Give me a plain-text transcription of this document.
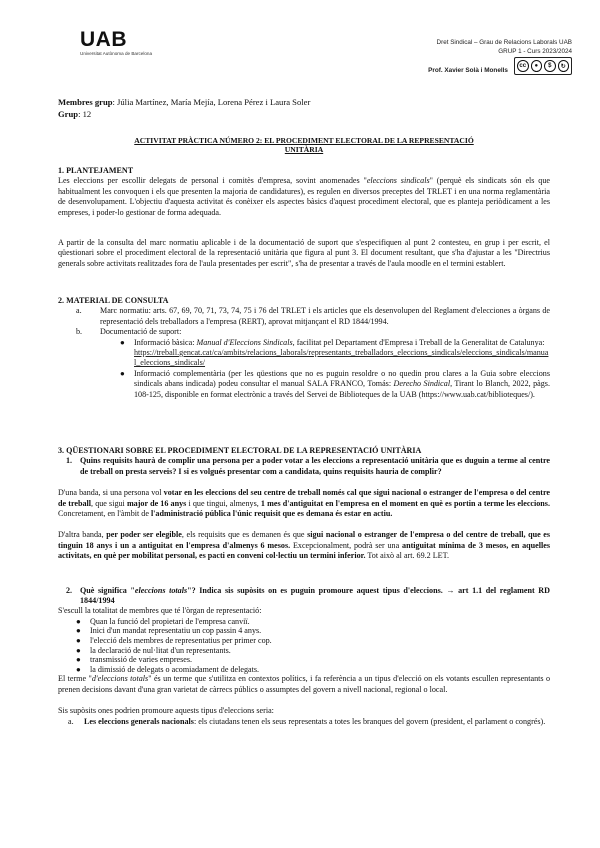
UAB
Universitat Autònoma de Barcelona
Dret Sindical – Grau de Relacions Laborals UAB
GRUP 1 - Curs 2023/2024
Prof. Xavier Solà i Monells
cc	●	$	↻
Membres grup: Júlia Martínez, María Mejía, Lorena Pérez i Laura Soler
Grup: 12
ACTIVITAT PRÀCTICA NÚMERO 2: EL PROCEDIMENT ELECTORAL DE LA REPRESENTACIÓ UNITÀRIA
1. PLANTEJAMENT

Les eleccions per escollir delegats de personal i comitès d'empresa, sovint anomenades "eleccions sindicals" (perquè els sindicats són els que habitualment les convoquen i els que presenten la majoria de candidatures), es regulen en diversos preceptes del TRLET i en una norma reglamentària de desenvolupament. L'objectiu d'aquesta activitat és conèixer els aspectes bàsics d'aquest procediment electoral, que es planteja periòdicament a les empreses, i poder-lo gestionar de forma adequada.

A partir de la consulta del marc normatiu aplicable i de la documentació de suport que s'especifiquen al punt 2 contesteu, en grup i per escrit, el qüestionari sobre el procediment electoral de la representació unitària que figura al punt 3. El document resultant, que s'ha d'ajustar a les "Directrius generals sobre activitats realitzades fora de l'aula presentades per escrit", s'ha de presentar a través de l'aula moodle en el termini establert.

2. MATERIAL DE CONSULTA
a. Marc normatiu: arts. 67, 69, 70, 71, 73, 74, 75 i 76 del TRLET i els articles que els desenvolupen del Reglament d'elecciones a òrgans de representació dels treballadors a l'empresa (RERT), aprovat mitjançant el RD 1844/1994.

b. Documentació de suport:

● Informació bàsica: Manual d'Eleccions Sindicals, facilitat pel Departament d'Empresa i Treball de la Generalitat de Catalunya:

https://treball.gencat.cat/ca/ambits/relacions_laborals/representants_treballadors_eleccions_sindicals/eleccions_sindicals/manual_eleccions_sindicals/

● Informació complementària (per les qüestions que no es puguin resoldre o no quedin prou clares a la Guia sobre eleccions sindicals abans indicada) podeu consultar el manual SALA FRANCO, Tomás: Derecho Sindical, Tirant lo Blanch, 2022, pàgs. 108-125, disponible en format electrònic a través del Servei de Biblioteques de la UAB (https://www.uab.cat/biblioteques/).

3. QÜESTIONARI SOBRE EL PROCEDIMENT ELECTORAL DE LA REPRESENTACIÓ UNITÀRIA
1. Quins requisits haurà de complir una persona per a poder votar a les eleccions a representació unitària que es duguin a terme al centre de treball on presta serveis? I si es volgués presentar com a candidata, quins requisits hauria de complir?

D'una banda, si una persona vol votar en les eleccions del seu centre de treball només cal que sigui nacional o estranger de l'empresa o del centre de treball, que sigui major de 16 anys i que tingui, almenys, 1 mes d'antiguitat en l'empresa en el moment en què es portin a terme les eleccions. Concretament, en l'àmbit de l'administració pública l'únic requisit que es demana és estar en actiu.

D'altra banda, per poder ser elegible, els requisits que es demanen és que sigui nacional o estranger de l'empresa o del centre de treball, que es tinguin 18 anys i un a antiguitat en l'empresa d'almenys 6 mesos. Excepcionalment, podrà ser una antiguitat mínima de 3 mesos, en aquelles activitats, en què per mobilitat personal, es pacti en conveni col·lectiu un termini inferior. Tot això al art. 69.2 LET.

2. Què significa "eleccions totals"? Indica sis supòsits on es puguin promoure aquest tipus d'eleccions. → art 1.1 del reglament RD 1844/1994

S'escull la totalitat de membres que té l'òrgan de representació:

● Quan la funció del propietari de l'empresa canviï.
● Inici d'un mandat representatiu un cop passin 4 anys.
● l'elecció dels membres de representatius per primer cop.
● la declaració de nul·litat d'un representants.
● transmissió de varies empreses.
● la dimissió de delegats o acomiadament de delegats.

El terme "d'eleccions totals" és un terme que s'utilitza en contextos polítics, i fa referència a un tipus d'elecció on els votants escullen representants o prenen decisions davant d'una gran varietat de càrrecs públics o assumptes del govern a nivell nacional, regional o local.

Sis supòsits ones podrien promoure aquests tipus d'eleccions seria:

a. Les eleccions generals nacionals: els ciutadans tenen els seus representats a totes les branques del govern (president, el parlament o congrés).
